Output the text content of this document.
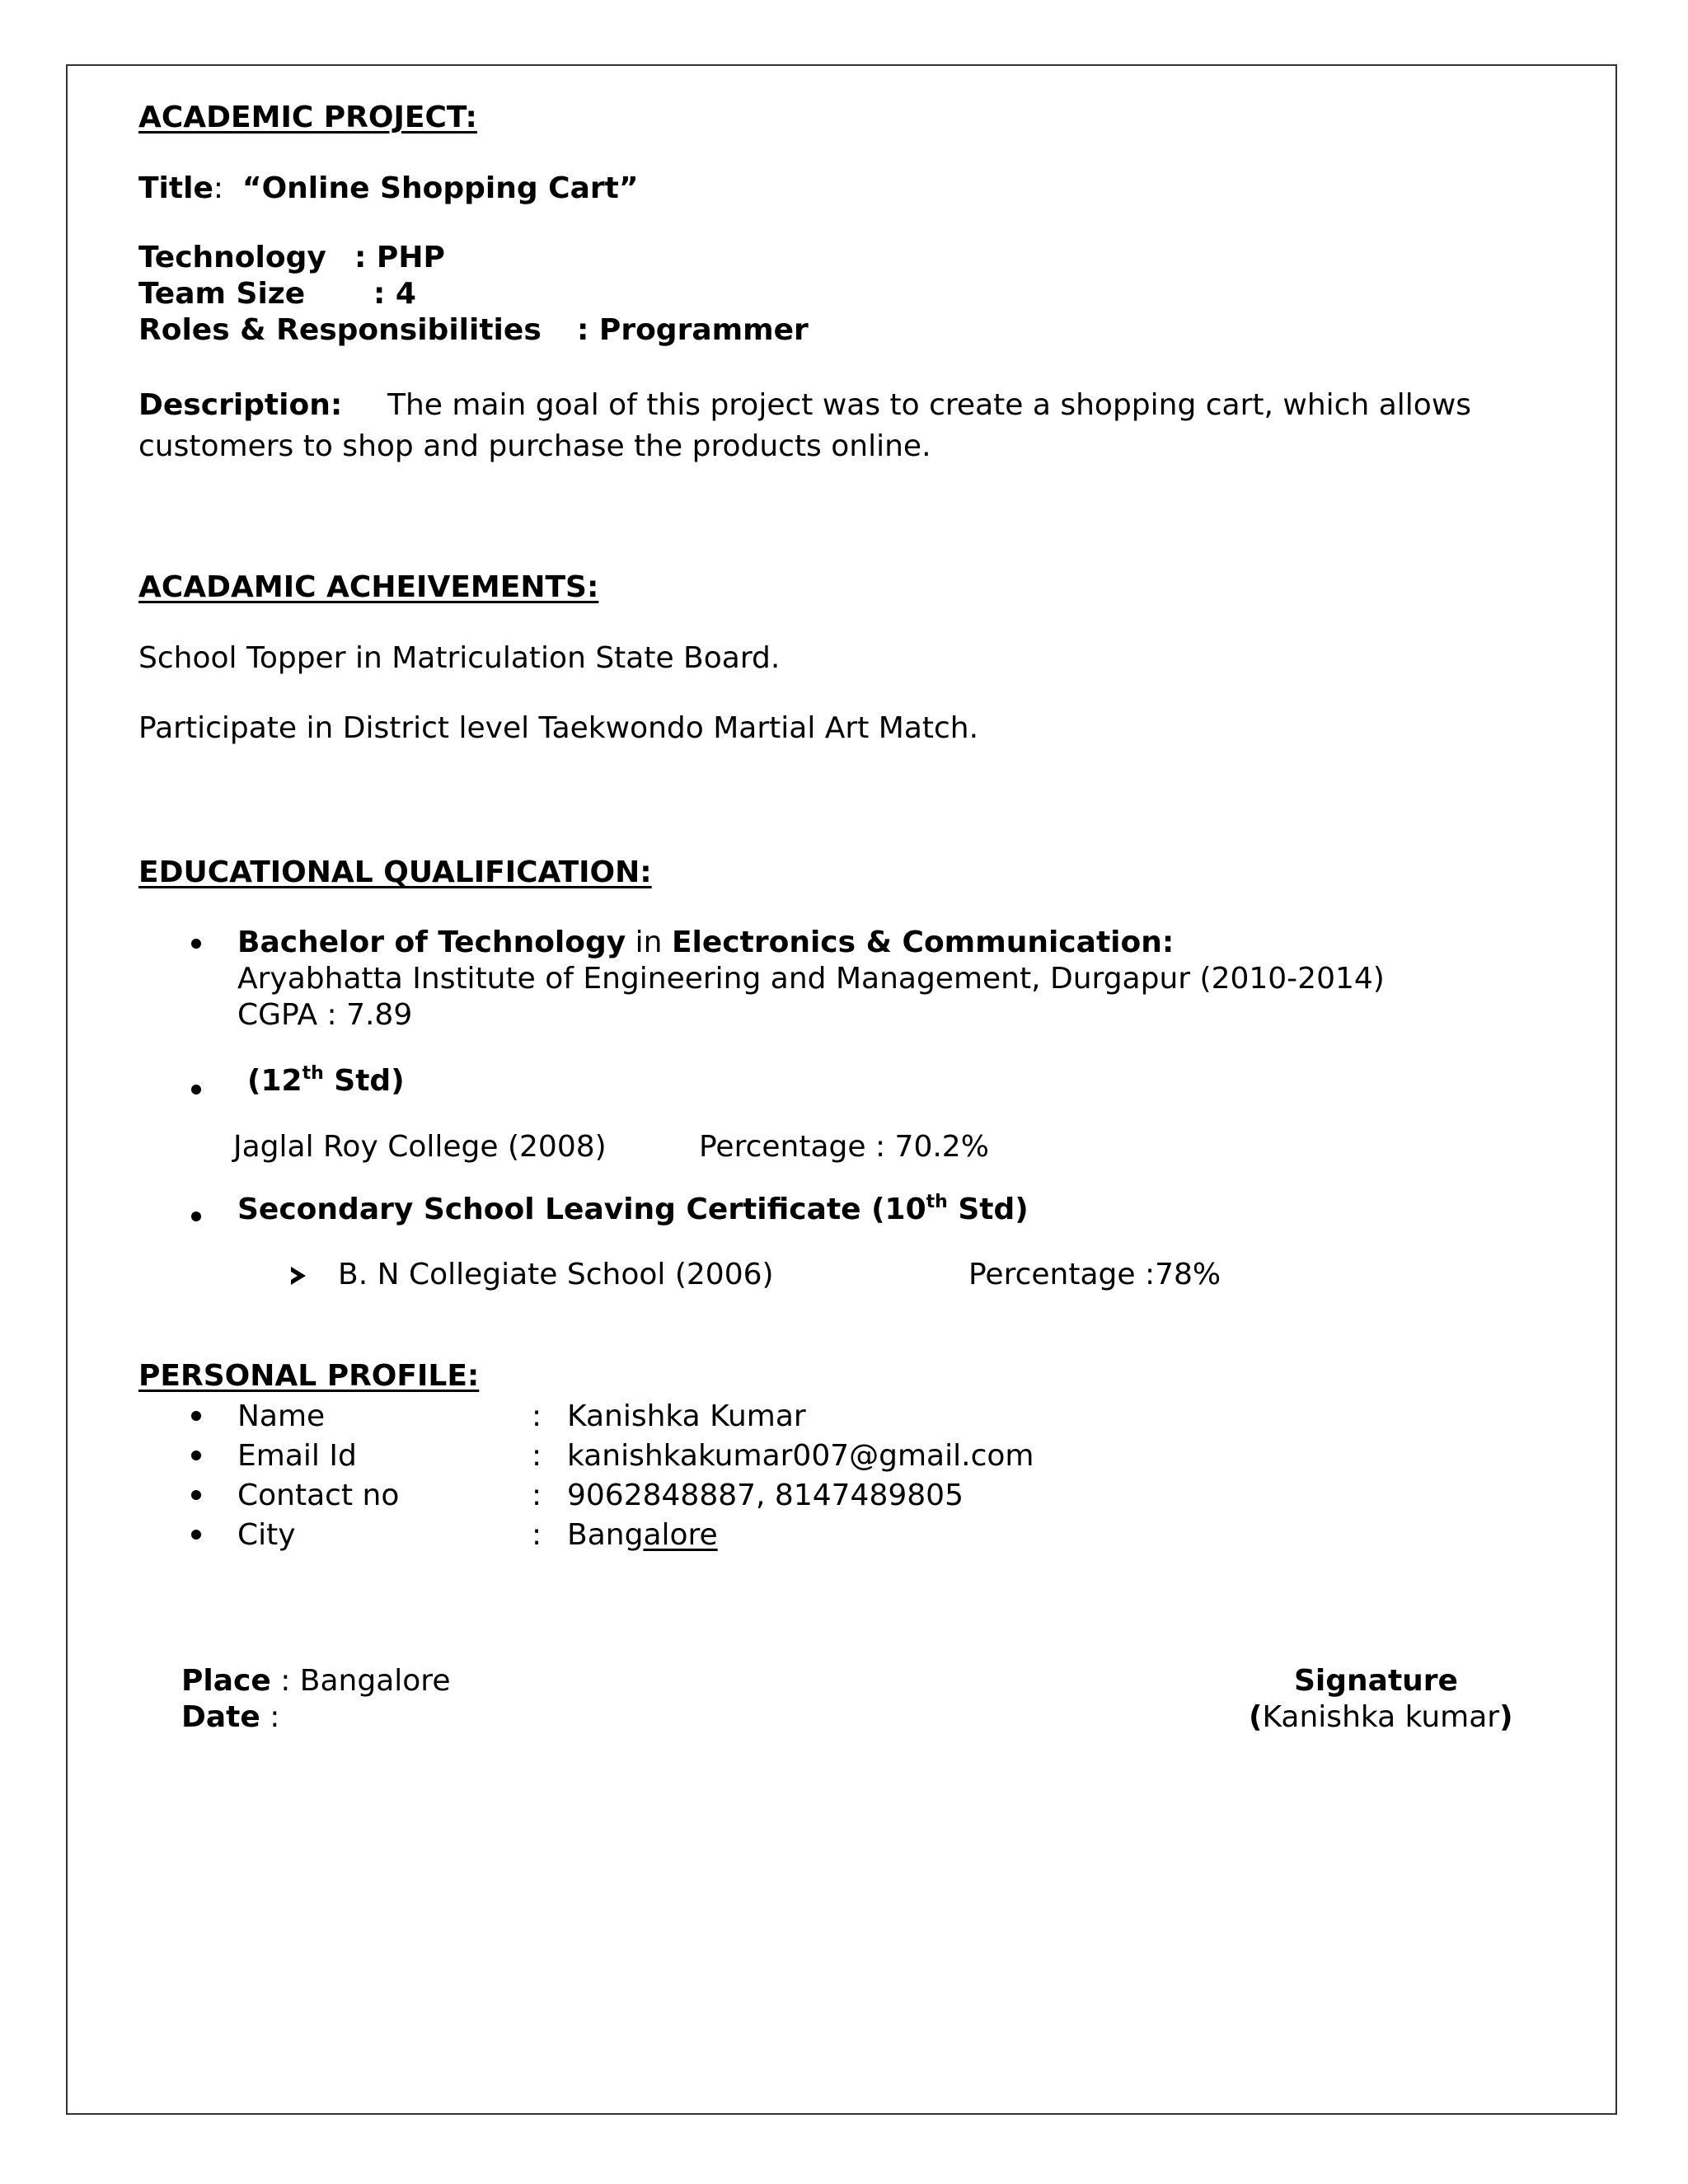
ACADEMIC PROJECT:
Title: “Online Shopping Cart”
Technology : PHP
Team Size : 4
Roles & Responsibilities : Programmer
Description: The main goal of this project was to create a shopping cart, which allows
customers to shop and purchase the products online.
ACADAMIC ACHEIVEMENTS:
School Topper in Matriculation State Board.
Participate in District level Taekwondo Martial Art Match.
EDUCATIONAL QUALIFICATION:
Bachelor of Technology in Electronics & Communication:
Aryabhatta Institute of Engineering and Management, Durgapur (2010-2014)
CGPA : 7.89
(12th Std)
Jaglal Roy College (2008)	Percentage : 70.2%
Secondary School Leaving Certificate (10th Std)
B. N Collegiate School (2006)	Percentage :78%
PERSONAL PROFILE:
Name	: Kanishka Kumar
Email Id	: kanishkakumar007@gmail.com
Contact no	: 9062848887, 8147489805
City	: Bangalore
Place : Bangalore
Date :
Signature
(Kanishka kumar)
